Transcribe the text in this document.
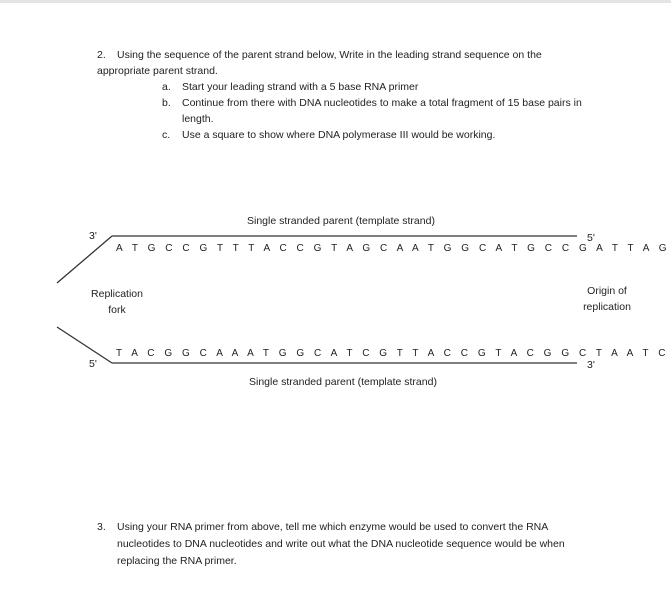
2. Using the sequence of the parent strand below, Write in the leading strand sequence on the appropriate parent strand.
a. Start your leading strand with a 5 base RNA primer
b. Continue from there with DNA nucleotides to make a total fragment of 15 base pairs in length.
c. Use a square to show where DNA polymerase III would be working.
Single stranded parent (template strand)
3'	5'
A T G C C G T T T A C C G T A G C A A T G G C A T G C C G A T T A G
Replication
fork
Origin of
replication
T A C G G C A A A T G G C A T C G T T A C C G T A C G G C T A A T C
5'	3'
Single stranded parent (template strand)
3. Using your RNA primer from above, tell me which enzyme would be used to convert the RNA nucleotides to DNA nucleotides and write out what the DNA nucleotide sequence would be when replacing the RNA primer.
